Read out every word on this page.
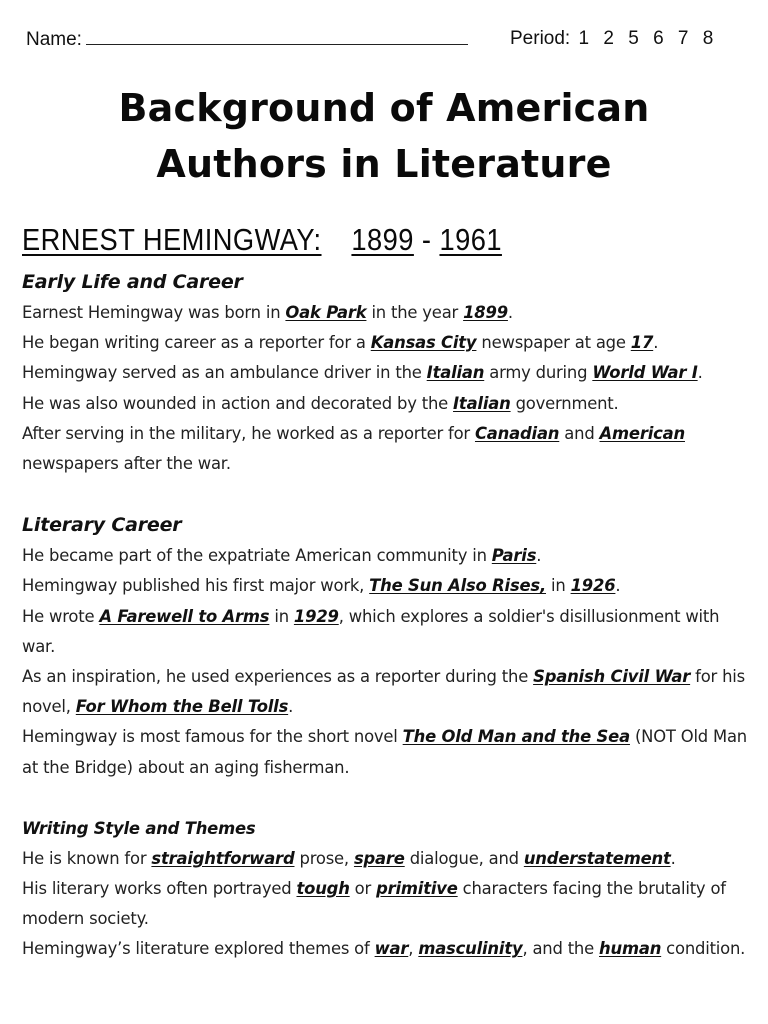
Name:	Period: 1 2 5 6 7 8
Background of American
Authors in Literature
ERNEST HEMINGWAY: 1899 - 1961
Early Life and Career

Earnest Hemingway was born in Oak Park in the year 1899.

He began writing career as a reporter for a Kansas City newspaper at age 17.

Hemingway served as an ambulance driver in the Italian army during World War I.

He was also wounded in action and decorated by the Italian government.

After serving in the military, he worked as a reporter for Canadian and American newspapers after the war.

Literary Career

He became part of the expatriate American community in Paris.

Hemingway published his first major work, The Sun Also Rises, in 1926.

He wrote A Farewell to Arms in 1929, which explores a soldier's disillusionment with war.

As an inspiration, he used experiences as a reporter during the Spanish Civil War for his novel, For Whom the Bell Tolls.

Hemingway is most famous for the short novel The Old Man and the Sea (NOT Old Man at the Bridge) about an aging fisherman.

Writing Style and Themes

He is known for straightforward prose, spare dialogue, and understatement.

His literary works often portrayed tough or primitive characters facing the brutality of modern society.

Hemingway’s literature explored themes of war, masculinity, and the human condition.
